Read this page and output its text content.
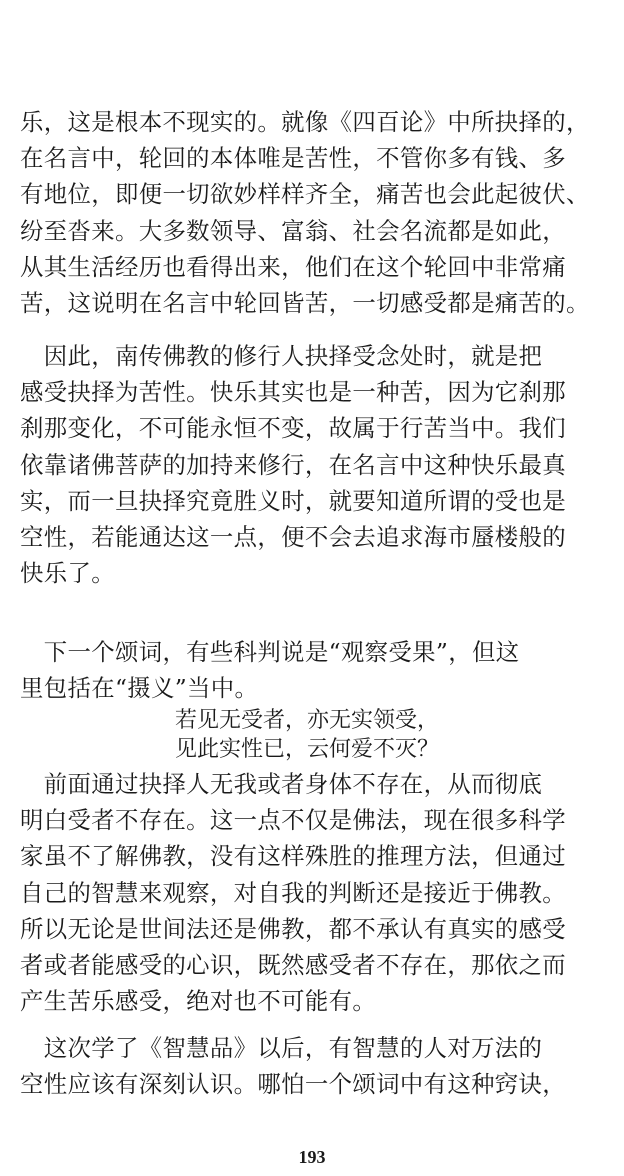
乐，这是根本不现实的。就像《四百论》中所抉择的，
在名言中，轮回的本体唯是苦性，不管你多有钱、多
有地位，即便一切欲妙样样齐全，痛苦也会此起彼伏、
纷至沓来。大多数领导、富翁、社会名流都是如此，
从其生活经历也看得出来，他们在这个轮回中非常痛
苦，这说明在名言中轮回皆苦，一切感受都是痛苦的。

　因此，南传佛教的修行人抉择受念处时，就是把
感受抉择为苦性。快乐其实也是一种苦，因为它刹那
刹那变化，不可能永恒不变，故属于行苦当中。我们
依靠诸佛菩萨的加持来修行，在名言中这种快乐最真
实，而一旦抉择究竟胜义时，就要知道所谓的受也是
空性，若能通达这一点，便不会去追求海市蜃楼般的
快乐了。

　下一个颂词，有些科判说是“观察受果”，但这
里包括在“摄义”当中。

若见无受者，亦无实领受，
见此实性已，云何爱不灭？

　前面通过抉择人无我或者身体不存在，从而彻底
明白受者不存在。这一点不仅是佛法，现在很多科学
家虽不了解佛教，没有这样殊胜的推理方法，但通过
自己的智慧来观察，对自我的判断还是接近于佛教。
所以无论是世间法还是佛教，都不承认有真实的感受
者或者能感受的心识，既然感受者不存在，那依之而
产生苦乐感受，绝对也不可能有。

　这次学了《智慧品》以后，有智慧的人对万法的
空性应该有深刻认识。哪怕一个颂词中有这种窍诀，

193
